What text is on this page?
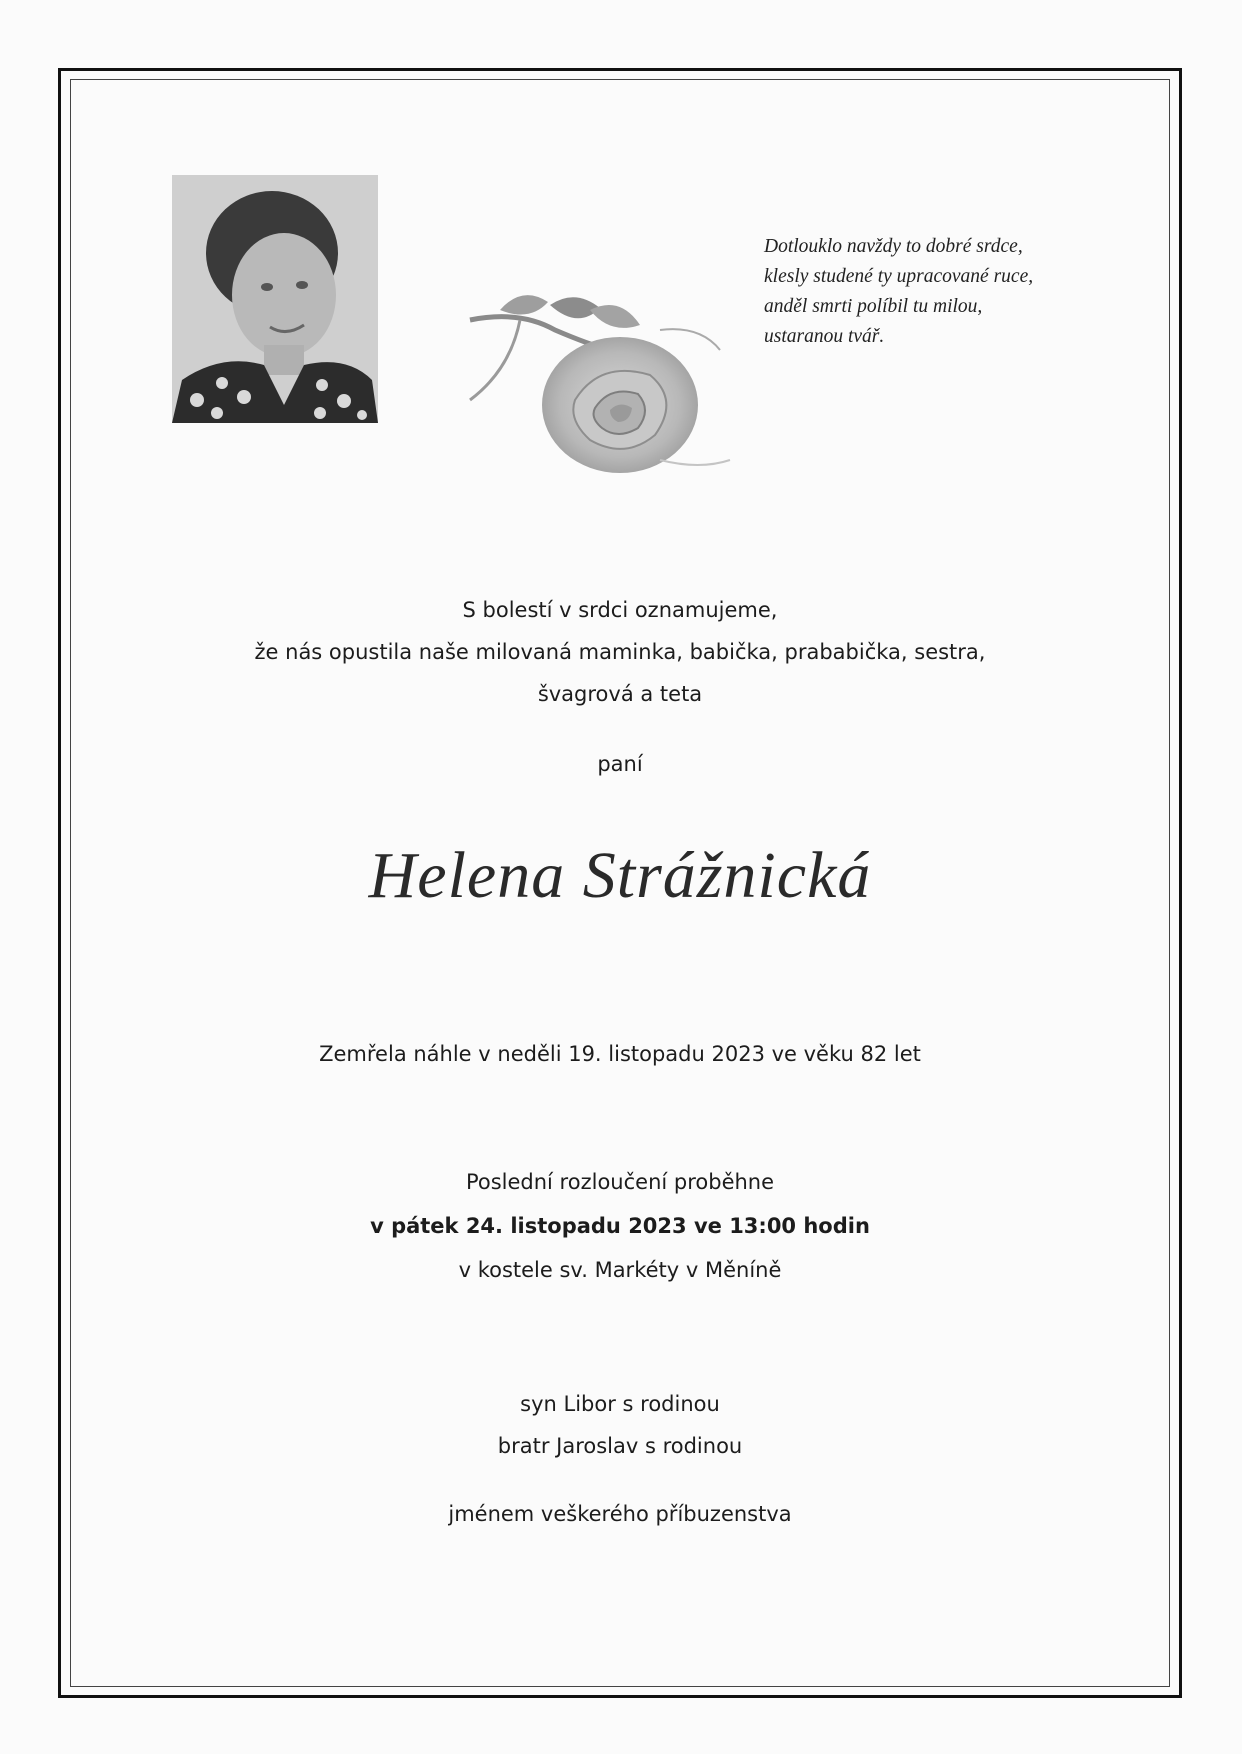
Dotlouklo navždy to dobré srdce,
klesly studené ty upracované ruce,
anděl smrti políbil tu milou,
ustaranou tvář.
S bolestí v srdci oznamujeme,
že nás opustila naše milovaná maminka, babička, prababička, sestra,
švagrová a teta
paní
Helena Strážnická
Zemřela náhle v neděli 19. listopadu 2023 ve věku 82 let
Poslední rozloučení proběhne
v pátek 24. listopadu 2023 ve 13:00 hodin
v kostele sv. Markéty v Měníně
syn Libor s rodinou
bratr Jaroslav s rodinou
jménem veškerého příbuzenstva
